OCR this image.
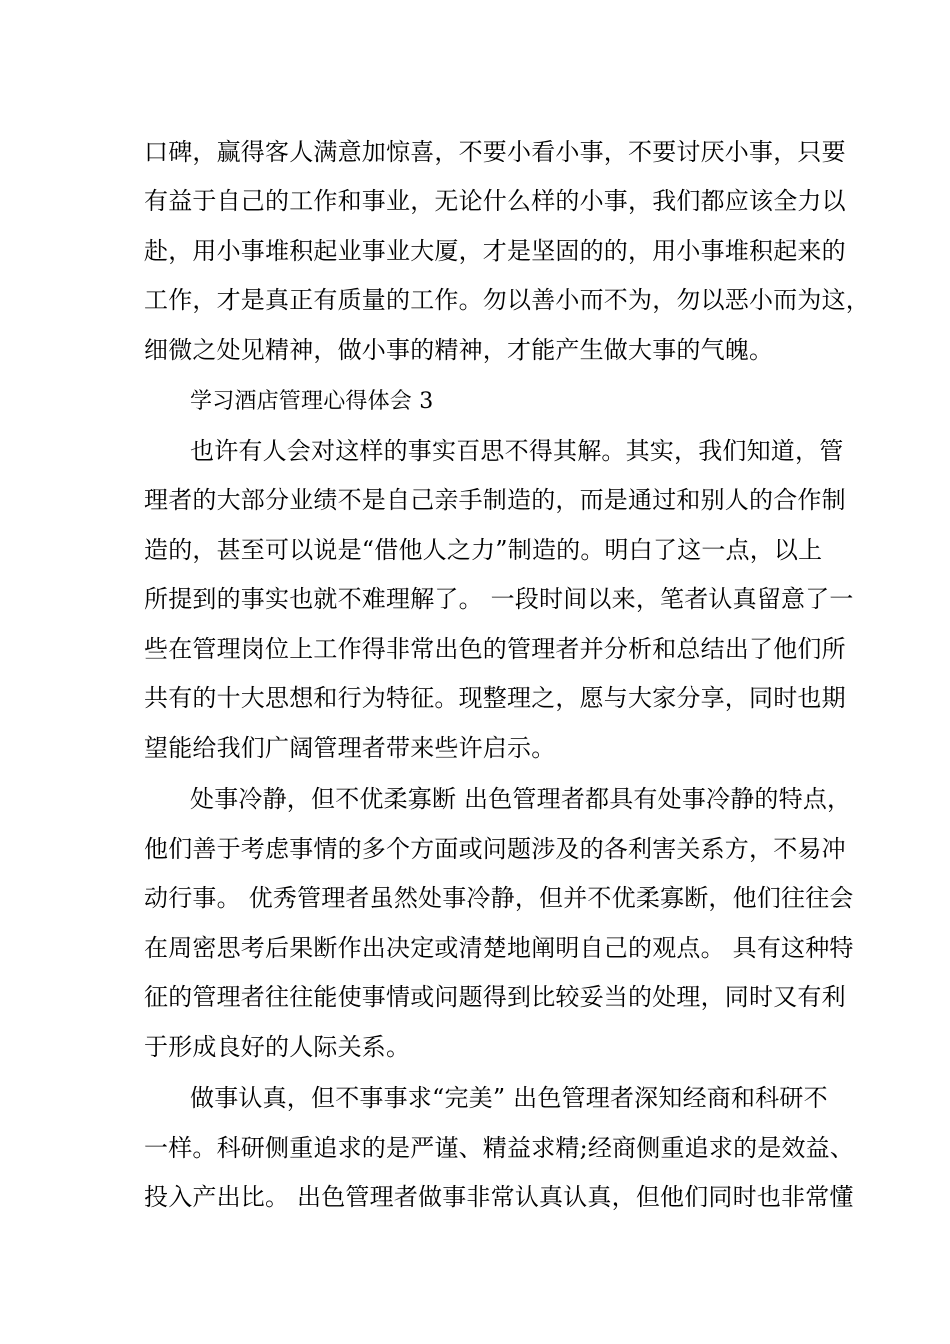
口碑，赢得客人满意加惊喜，不要小看小事，不要讨厌小事，只要
有益于自己的工作和事业，无论什么样的小事，我们都应该全力以
赴，用小事堆积起业事业大厦，才是坚固的的，用小事堆积起来的
工作，才是真正有质量的工作。勿以善小而不为，勿以恶小而为这，
细微之处见精神，做小事的精神，才能产生做大事的气魄。
学习酒店管理心得体会 3
也许有人会对这样的事实百思不得其解。其实，我们知道，管
理者的大部分业绩不是自己亲手制造的，而是通过和别人的合作制
造的，甚至可以说是“借他人之力”制造的。明白了这一点，以上
所提到的事实也就不难理解了。 一段时间以来，笔者认真留意了一
些在管理岗位上工作得非常出色的管理者并分析和总结出了他们所
共有的十大思想和行为特征。现整理之，愿与大家分享，同时也期
望能给我们广阔管理者带来些许启示。
处事冷静，但不优柔寡断 出色管理者都具有处事冷静的特点，
他们善于考虑事情的多个方面或问题涉及的各利害关系方，不易冲
动行事。 优秀管理者虽然处事冷静，但并不优柔寡断，他们往往会
在周密思考后果断作出决定或清楚地阐明自己的观点。 具有这种特
征的管理者往往能使事情或问题得到比较妥当的处理，同时又有利
于形成良好的人际关系。
做事认真，但不事事求“完美” 出色管理者深知经商和科研不
一样。科研侧重追求的是严谨、精益求精;经商侧重追求的是效益、
投入产出比。 出色管理者做事非常认真认真，但他们同时也非常懂
